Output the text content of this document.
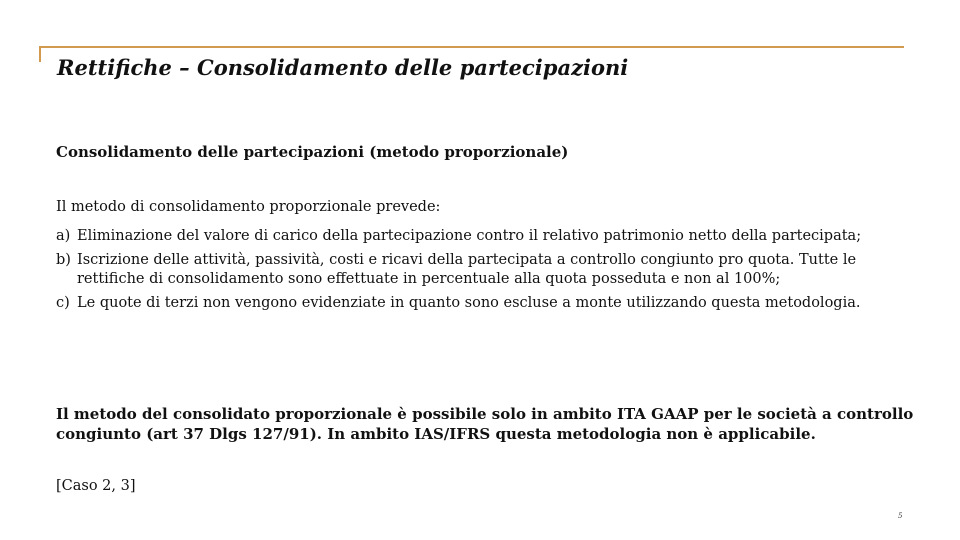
Rettifiche – Consolidamento delle partecipazioni
Consolidamento delle partecipazioni (metodo proporzionale)

Il metodo di consolidamento proporzionale prevede:

a) Eliminazione del valore di carico della partecipazione contro il relativo patrimonio netto della partecipata;

b) Iscrizione delle attività, passività, costi e ricavi della partecipata a controllo congiunto pro quota. Tutte le rettifiche di consolidamento sono effettuate in percentuale alla quota posseduta e non al 100%;

c) Le quote di terzi non vengono evidenziate in quanto sono escluse a monte utilizzando questa metodologia.

Il metodo del consolidato proporzionale è possibile solo in ambito ITA GAAP per le società a controllo congiunto (art 37 Dlgs 127/91). In ambito IAS/IFRS questa metodologia non è applicabile.

[Caso 2, 3]

5
